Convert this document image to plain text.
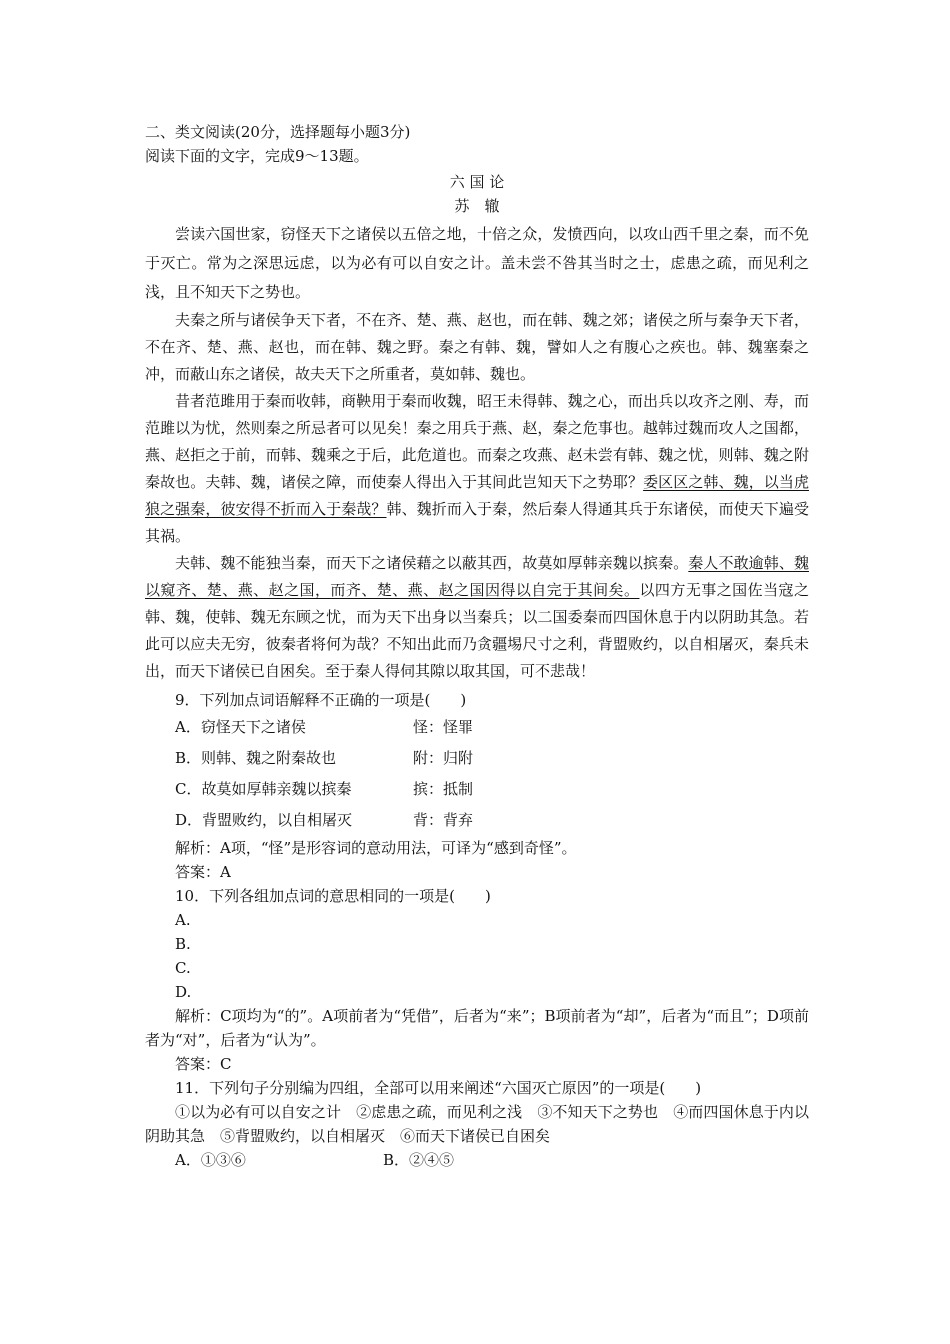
二、类文阅读(20分，选择题每小题3分)

阅读下面的文字，完成9～13题。

六 国 论

苏　辙

尝读六国世家，窃怪天下之诸侯以五倍之地，十倍之众，发愤西向，以攻山西千里之秦，而不免于灭亡。常为之深思远虑，以为必有可以自安之计。盖未尝不咎其当时之士，虑患之疏，而见利之浅，且不知天下之势也。

夫秦之所与诸侯争天下者，不在齐、楚、燕、赵也，而在韩、魏之郊；诸侯之所与秦争天下者，不在齐、楚、燕、赵也，而在韩、魏之野。秦之有韩、魏，譬如人之有腹心之疾也。韩、魏塞秦之冲，而蔽山东之诸侯，故夫天下之所重者，莫如韩、魏也。

昔者范雎用于秦而收韩，商鞅用于秦而收魏，昭王未得韩、魏之心，而出兵以攻齐之刚、寿，而范雎以为忧，然则秦之所忌者可以见矣！秦之用兵于燕、赵，秦之危事也。越韩过魏而攻人之国都，燕、赵拒之于前，而韩、魏乘之于后，此危道也。而秦之攻燕、赵未尝有韩、魏之忧，则韩、魏之附秦故也。夫韩、魏，诸侯之障，而使秦人得出入于其间此岂知天下之势耶？委区区之韩、魏，以当虎狼之强秦，彼安得不折而入于秦哉？韩、魏折而入于秦，然后秦人得通其兵于东诸侯，而使天下遍受其祸。

夫韩、魏不能独当秦，而天下之诸侯藉之以蔽其西，故莫如厚韩亲魏以摈秦。秦人不敢逾韩、魏以窥齐、楚、燕、赵之国，而齐、楚、燕、赵之国因得以自完于其间矣。以四方无事之国佐当寇之韩、魏，使韩、魏无东顾之忧，而为天下出身以当秦兵；以二国委秦而四国休息于内以阴助其急。若此可以应夫无穷，彼秦者将何为哉？不知出此而乃贪疆埸尺寸之利，背盟败约，以自相屠灭，秦兵未出，而天下诸侯已自困矣。至于秦人得伺其隙以取其国，可不悲哉！

9．下列加点词语解释不正确的一项是(　　)

A．窃怪天下之诸侯	怪：怪罪
B．则韩、魏之附秦故也	附：归附
C．故莫如厚韩亲魏以摈秦	摈：抵制
D．背盟败约，以自相屠灭	背：背弃

解析：A项，“怪”是形容词的意动用法，可译为“感到奇怪”。

答案：A

10．下列各组加点词的意思相同的一项是(　　)

A.

B.

C.

D.

解析：C项均为“的”。A项前者为“凭借”，后者为“来”；B项前者为“却”，后者为“而且”；D项前者为“对”，后者为“认为”。

答案：C

11．下列句子分别编为四组，全部可以用来阐述“六国灭亡原因”的一项是(　　)

①以为必有可以自安之计　②虑患之疏，而见利之浅　③不知天下之势也　④而四国休息于内以阴助其急　⑤背盟败约，以自相屠灭　⑥而天下诸侯已自困矣

A．①③⑥	B．②④⑤
